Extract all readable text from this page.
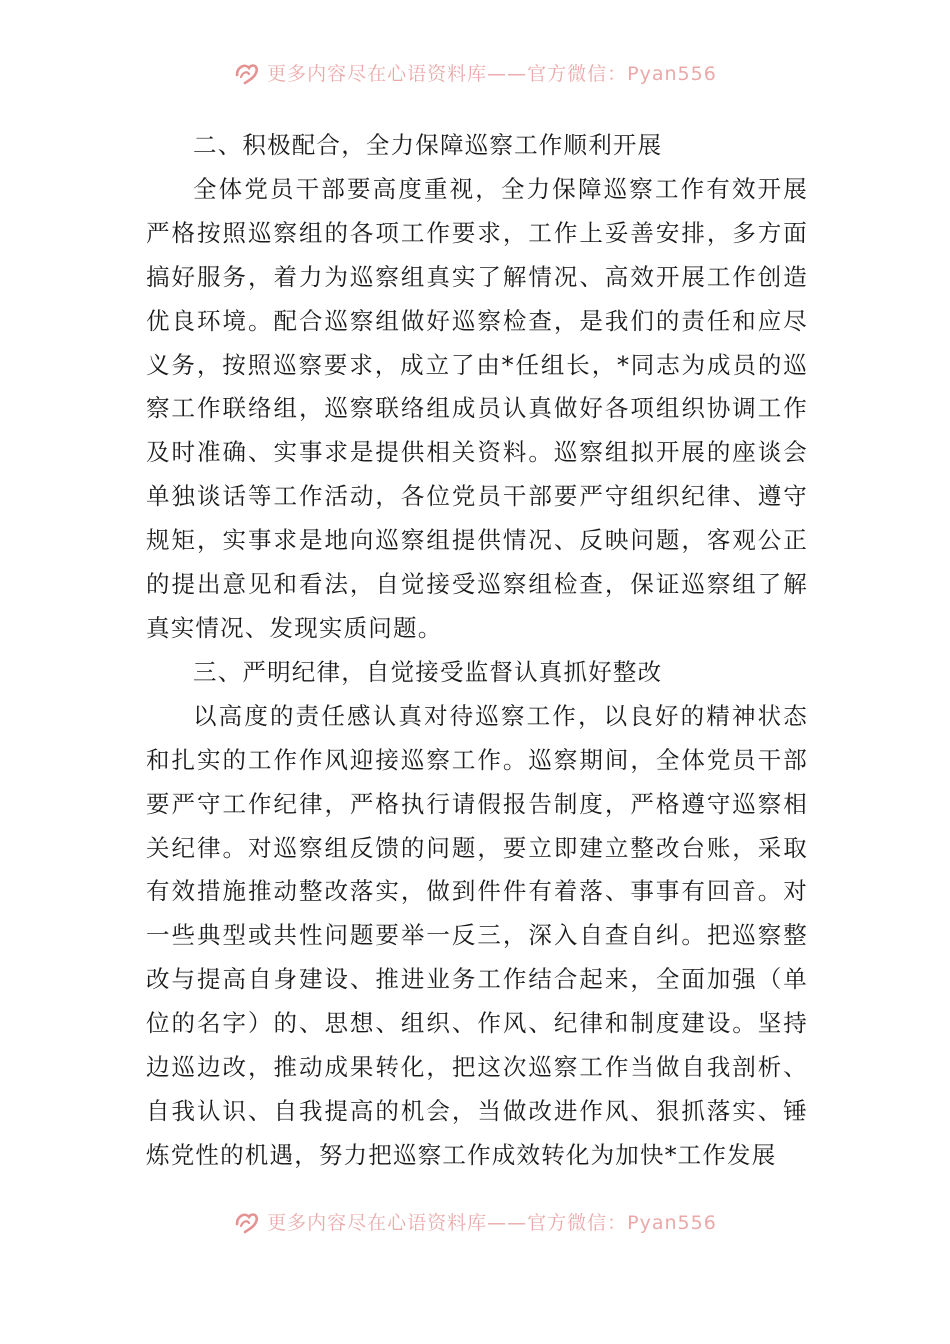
更多内容尽在心语资料库——官方微信：Pyan556

二、积极配合，全力保障巡察工作顺利开展

全体党员干部要高度重视，全力保障巡察工作有效开展严格按照巡察组的各项工作要求，工作上妥善安排，多方面搞好服务，着力为巡察组真实了解情况、高效开展工作创造优良环境。配合巡察组做好巡察检查，是我们的责任和应尽义务，按照巡察要求，成立了由*任组长，*同志为成员的巡察工作联络组，巡察联络组成员认真做好各项组织协调工作及时准确、实事求是提供相关资料。巡察组拟开展的座谈会单独谈话等工作活动，各位党员干部要严守组织纪律、遵守规矩，实事求是地向巡察组提供情况、反映问题，客观公正的提出意见和看法，自觉接受巡察组检查，保证巡察组了解真实情况、发现实质问题。

三、严明纪律，自觉接受监督认真抓好整改

以高度的责任感认真对待巡察工作，以良好的精神状态和扎实的工作作风迎接巡察工作。巡察期间，全体党员干部要严守工作纪律，严格执行请假报告制度，严格遵守巡察相关纪律。对巡察组反馈的问题，要立即建立整改台账，采取有效措施推动整改落实，做到件件有着落、事事有回音。对一些典型或共性问题要举一反三，深入自查自纠。把巡察整改与提高自身建设、推进业务工作结合起来，全面加强（单位的名字）的、思想、组织、作风、纪律和制度建设。坚持边巡边改，推动成果转化，把这次巡察工作当做自我剖析、自我认识、自我提高的机会，当做改进作风、狠抓落实、锤炼党性的机遇，努力把巡察工作成效转化为加快*工作发展

更多内容尽在心语资料库——官方微信：Pyan556
